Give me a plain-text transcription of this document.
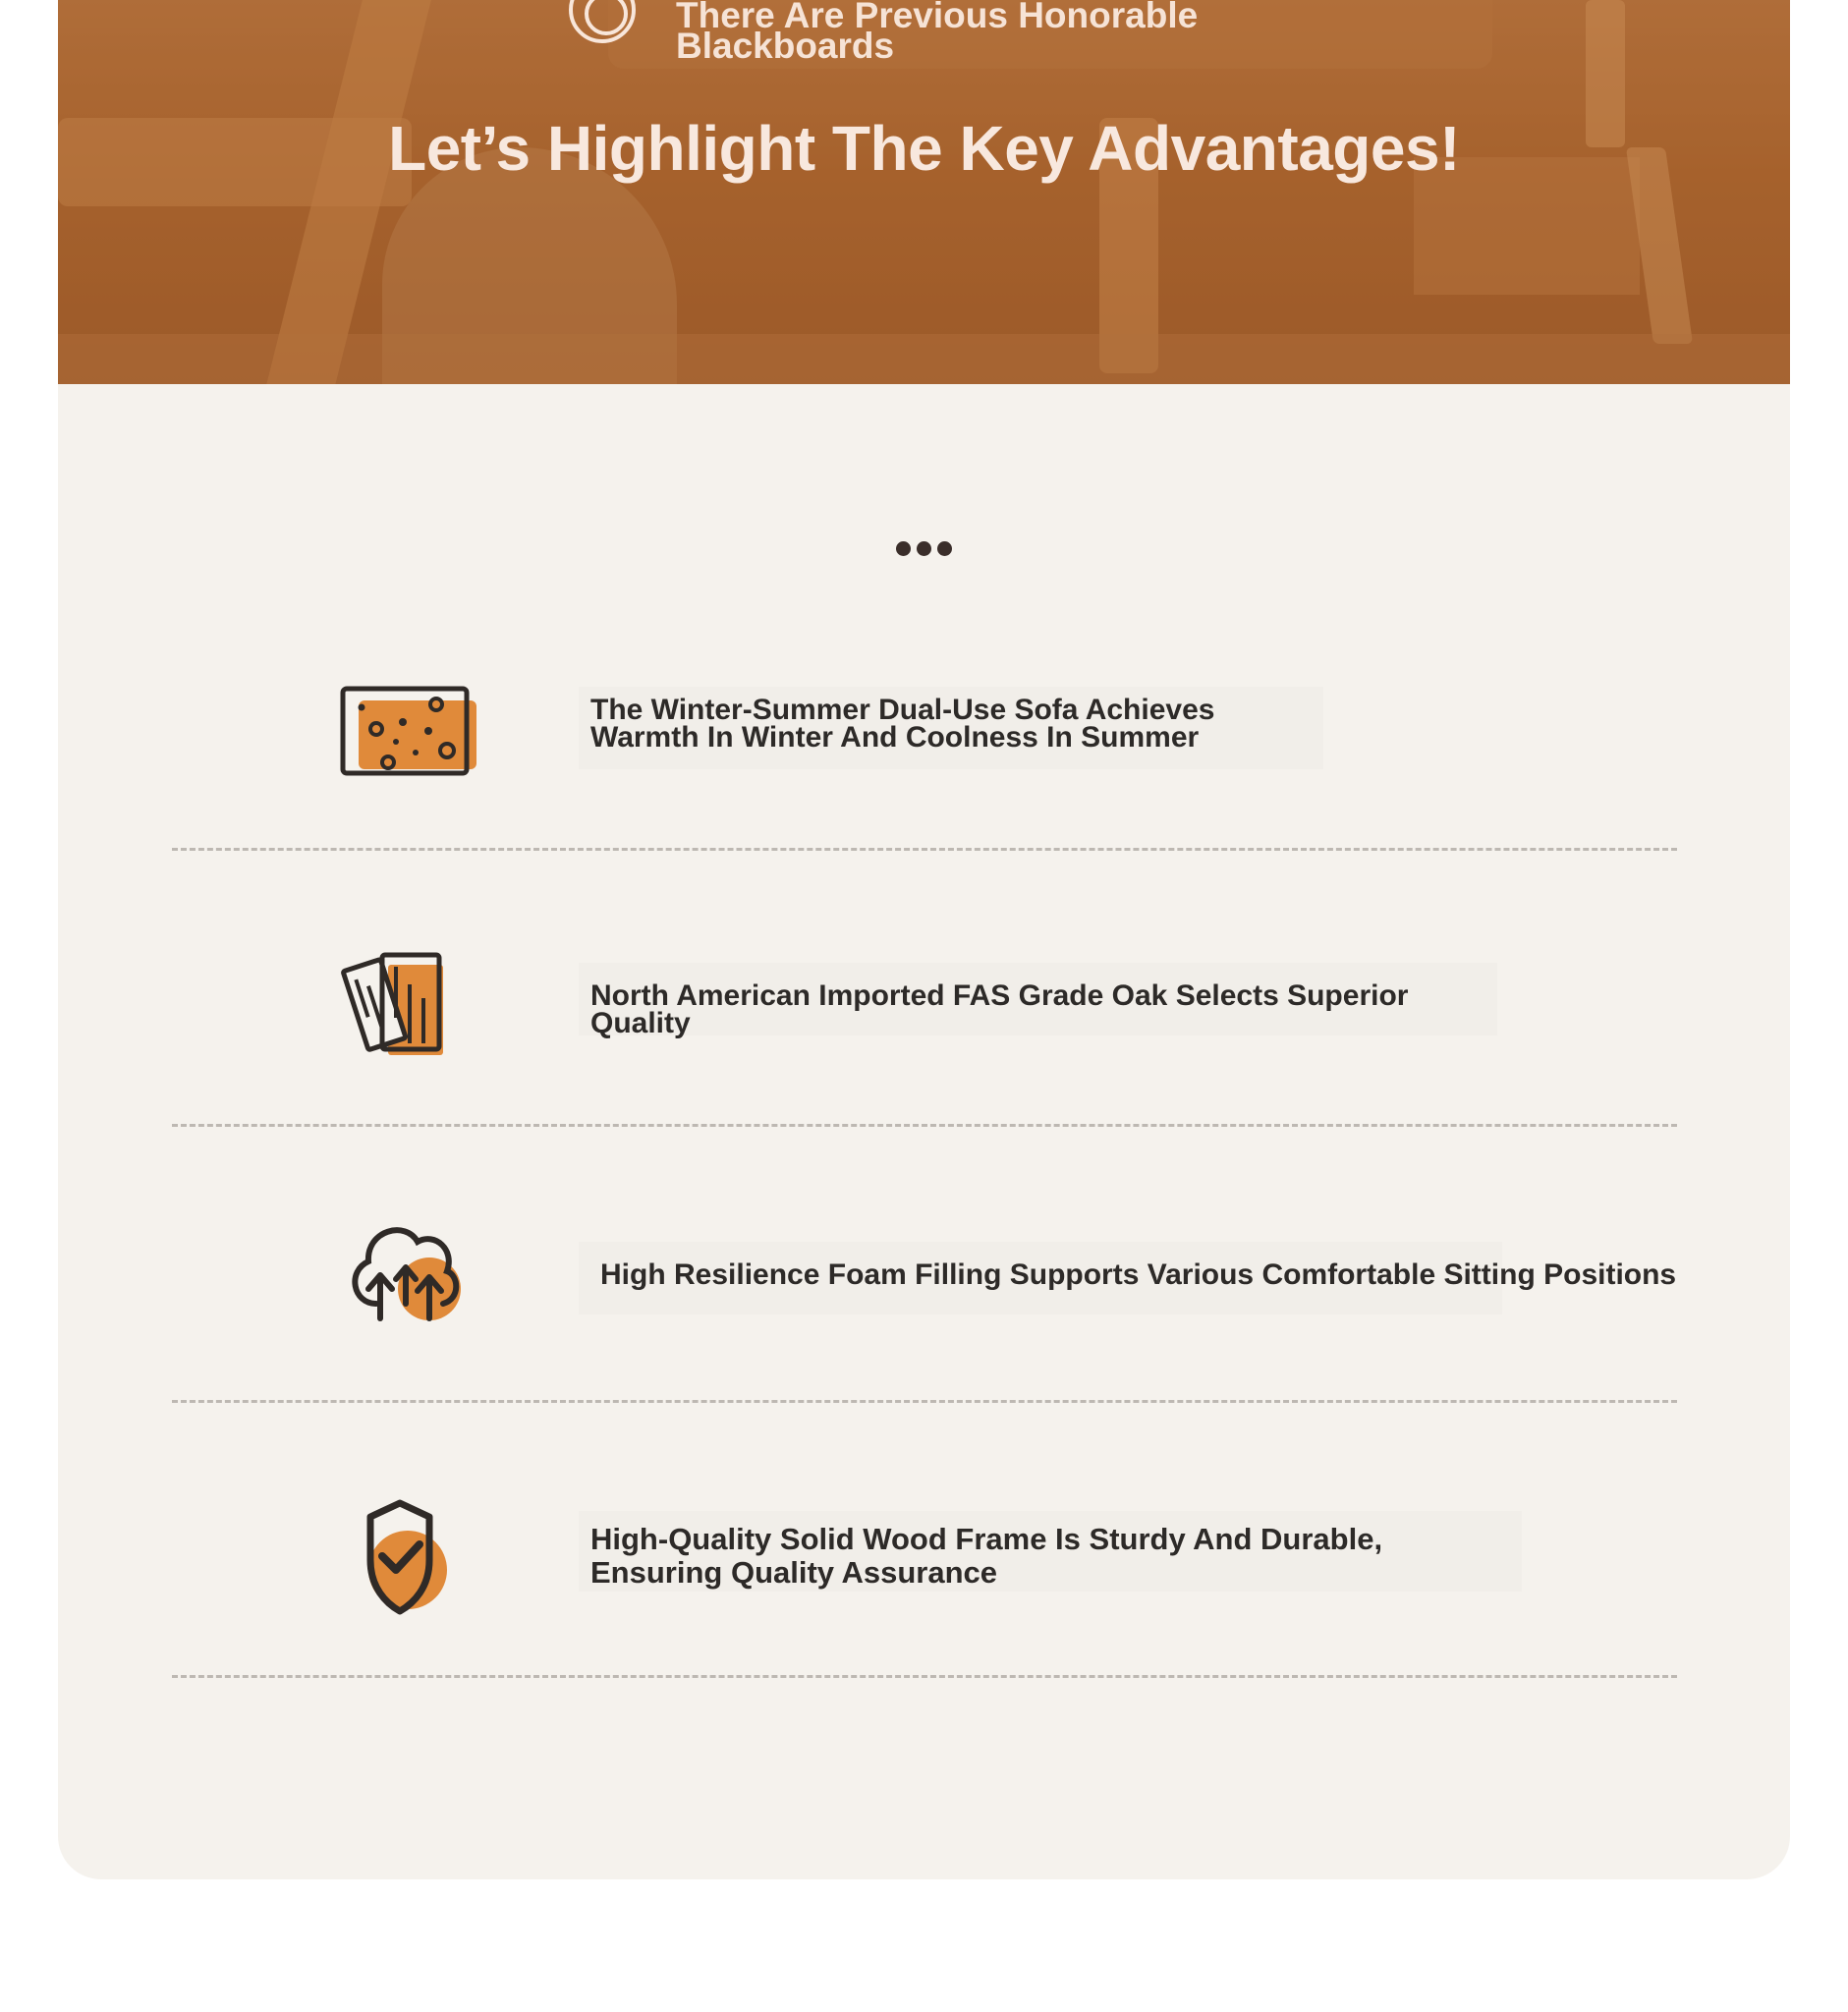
There Are Previous Honorable Blackboards
Let’s Highlight The Key Advantages!
The Winter-Summer Dual-Use Sofa Achieves Warmth In Winter And Coolness In Summer
North American Imported FAS Grade Oak Selects Superior Quality
High Resilience Foam Filling Supports Various Comfortable Sitting Positions
High-Quality Solid Wood Frame Is Sturdy And Durable, Ensuring Quality Assurance
